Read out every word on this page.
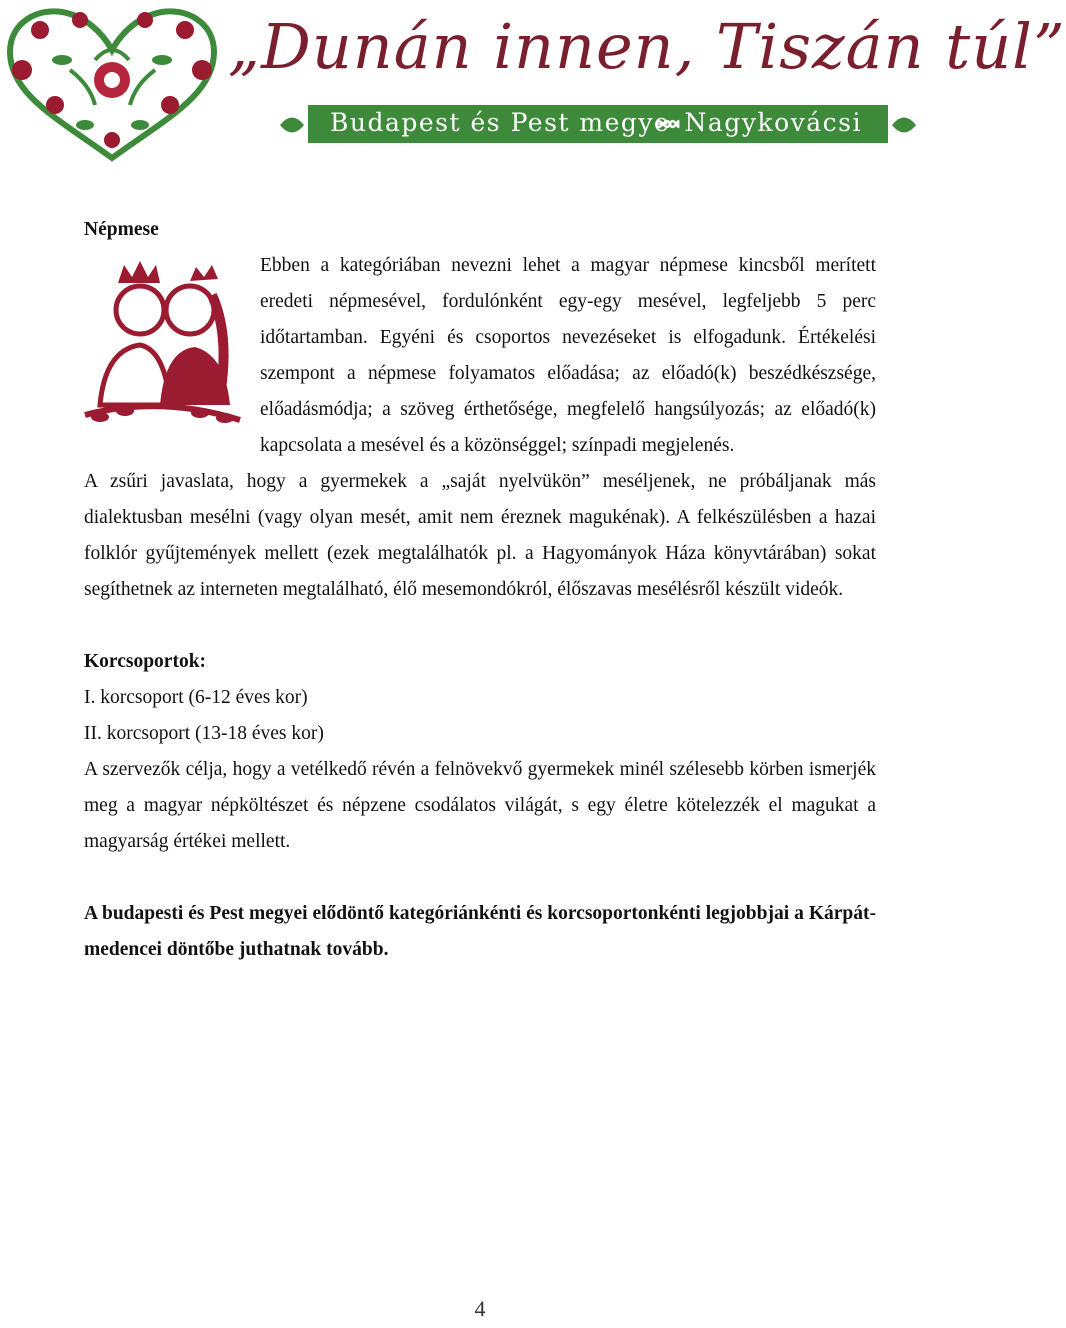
„Dunán innen, Tiszán túl”
Budapest és Pest megye Nagykovácsi
Népmese

Ebben a kategóriában nevezni lehet a magyar népmese kincsből merített eredeti népmesével, fordulónként egy-egy mesével, legfeljebb 5 perc időtartamban. Egyéni és csoportos nevezéseket is elfogadunk. Értékelési szempont a népmese folyamatos előadása; az előadó(k) beszédkészsége, előadásmódja; a szöveg érthetősége, megfelelő hangsúlyozás; az előadó(k) kapcsolata a mesével és a közönséggel; színpadi megjelenés.

A zsűri javaslata, hogy a gyermekek a „saját nyelvükön” meséljenek, ne próbáljanak más dialektusban mesélni (vagy olyan mesét, amit nem éreznek magukénak). A felkészülésben a hazai folklór gyűjtemények mellett (ezek megtalálhatók pl. a Hagyományok Háza könyvtárában) sokat segíthetnek az interneten megtalálható, élő mesemondókról, élőszavas mesélésről készült videók.

Korcsoportok:

I. korcsoport (6-12 éves kor)

II. korcsoport (13-18 éves kor)

A szervezők célja, hogy a vetélkedő révén a felnövekvő gyermekek minél szélesebb körben ismerjék meg a magyar népköltészet és népzene csodálatos világát, s egy életre kötelezzék el magukat a magyarság értékei mellett.

A budapesti és Pest megyei elődöntő kategóriánkénti és korcsoportonkénti legjobbjai a Kárpát-medencei döntőbe juthatnak tovább.

4
